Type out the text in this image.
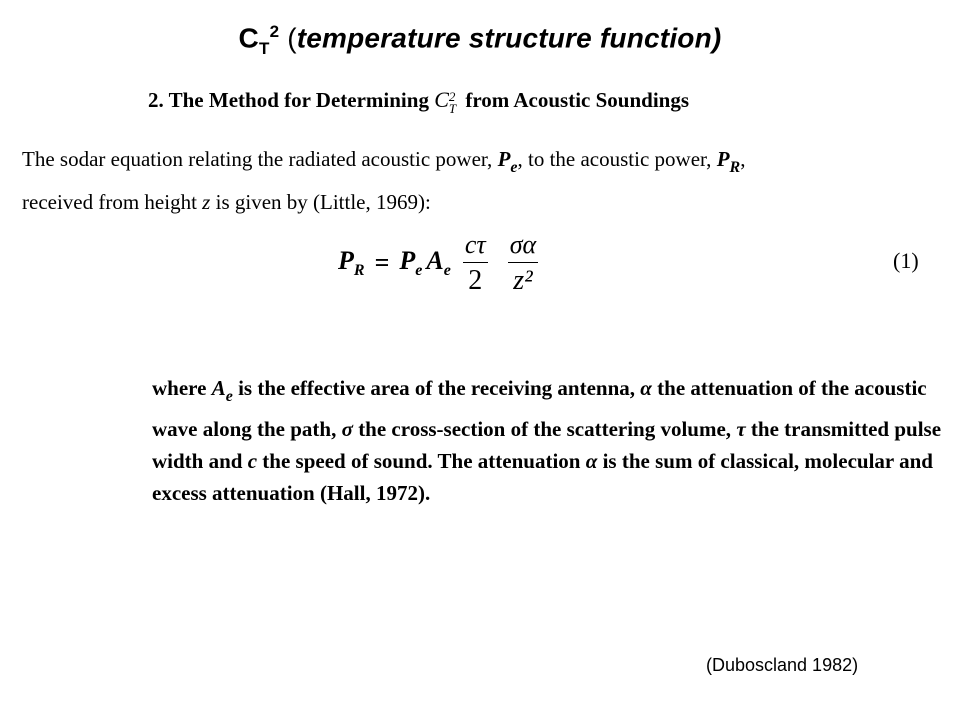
$C_T^2$ (temperature structure function)
2. The Method for Determining C2
T from Acoustic Soundings
The sodar equation relating the radiated acoustic power, $P_e$, to the acoustic power, $P_R$,
received from height z is given by (Little, 1969):
$P_R = P_e$ $A_e \frac{c\tau}{2} \frac{\sigma\alpha}{\text{z²}}$	(1)
where $A_e$ is the effective area of the receiving antenna, α the attenuation of the acoustic wave along the path, σ the cross-section of the scattering volume, τ the transmitted pulse width and c the speed of sound. The attenuation α is the sum of classical, molecular and excess attenuation (Hall, 1972).
(Duboscland 1982)
